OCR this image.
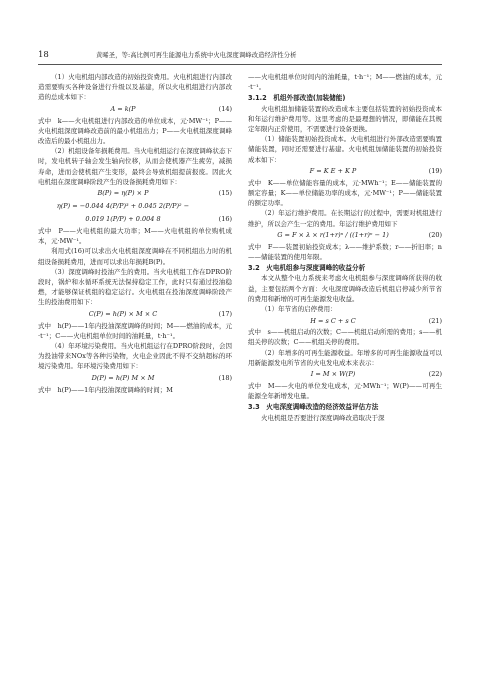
18	黄晞圣，等:高比例可再生能源电力系统中火电深度调峰改造经济性分析
（1）火电机组内部改造的初始投资费用。火电机组进行内部改造需要购买各种设备进行升级以及基建，所以火电机组进行内部改造的总成本如下：
A = k(P	(14)
式中　k——火电机组进行内部改造的单位成本，元·MW⁻¹；P——火电机组深度调峰改造前的最小机组出力；P——火电机组深度调峰改造后的最小机组出力。
（2）机组设备年损耗费用。当火电机组运行在深度调峰状态下时，发电机转子轴会发生轴向位移，从而会使机器产生疲劳，减损寿命，进而会使机组产生变形，最终会导致机组提前报废。因此火电机组在深度调峰阶段产生的设备损耗费用如下：
B(P) = η(P) × P	(15)
η(P) = −0.044 4(P/P)³ + 0.045 2(P/P)² −
0.019 1(P/P) + 0.004 8	(16)
式中　P——火电机组的最大功率；M——火电机组的单位购机成本，元·MW⁻¹。
利用式(16)可以求出火电机组深度调峰在不同机组出力时的机组设备损耗费用，进而可以求出年损耗B(P)。
（3）深度调峰时投油产生的费用。当火电机组工作在DPRO阶段时，锅炉和水循环系统无法保持稳定工作，此时只有通过投油稳燃，才能够保证机组的稳定运行。火电机组在投油深度调峰阶段产生的投油费用如下：
C(P) = h(P) × M × C	(17)
式中　h(P)——1年内投油深度调峰的时间；M——燃油的成本，元·t⁻¹；C——火电机组单位时间的油耗量，t·h⁻¹。
（4）年环境污染费用。当火电机组运行在DPRO阶段时，会因为投油带来NOx等各种污染物，火电企业因此不得不交纳超标的环境污染费用。年环境污染费用如下：
D(P) = h(P) M × M	(18)
式中　h(P)——1年内投油深度调峰的时间；M
——火电机组单位时间内的油耗量，t·h⁻¹；M——燃油的成本，元·t⁻¹。
3.1.2　机组外部改造(加装储能)
火电机组加储能装置的改造成本主要包括装置的初始投资成本和年运行维护费用等。这里考虑的是最理想的情况，即储能在其规定年限内正常使用，不需要进行设备更换。
（1）储能装置初始投资成本。火电机组进行外部改造需要购置储能装置，同时还需要进行基建。火电机组加储能装置的初始投资成本如下：
F = K E + K P	(19)
式中　K——单位储能容量的成本，元·MWh⁻¹；E——储能装置的额定容量；K——单位储能功率的成本，元·MW⁻¹；P——储能装置的额定功率。
（2）年运行维护费用。在长期运行的过程中，需要对机组进行维护，所以会产生一定的费用。年运行维护费用如下
G = F × λ × r(1+r)ⁿ / ((1+r)ⁿ − 1)	(20)
式中　F——装置初始投资成本；λ——维护系数；r——折旧率；n——储能装置的使用年限。
3.2　火电机组参与深度调峰的收益分析
本文从整个电力系统来考虑火电机组参与深度调峰所获得的收益，主要包括两个方面：火电深度调峰改造后机组启停减少所节省的费用和新增的可再生能源发电收益。
（1）年节省的启停费用：
H = s C + s C	(21)
式中　s——机组启动的次数；C——机组启动所需的费用；s——机组关停的次数；C——机组关停的费用。
（2）年增多的可再生能源收益。年增多的可再生能源收益可以用新能源发电所节省的火电发电成本来表示：
I = M × W(P)	(22)
式中　M——火电的单位发电成本，元·MWh⁻¹；W(P)——可再生能源全年新增发电量。
3.3　火电深度调峰改造的经济效益评估方法
火电机组是否要进行深度调峰改造取决于深
